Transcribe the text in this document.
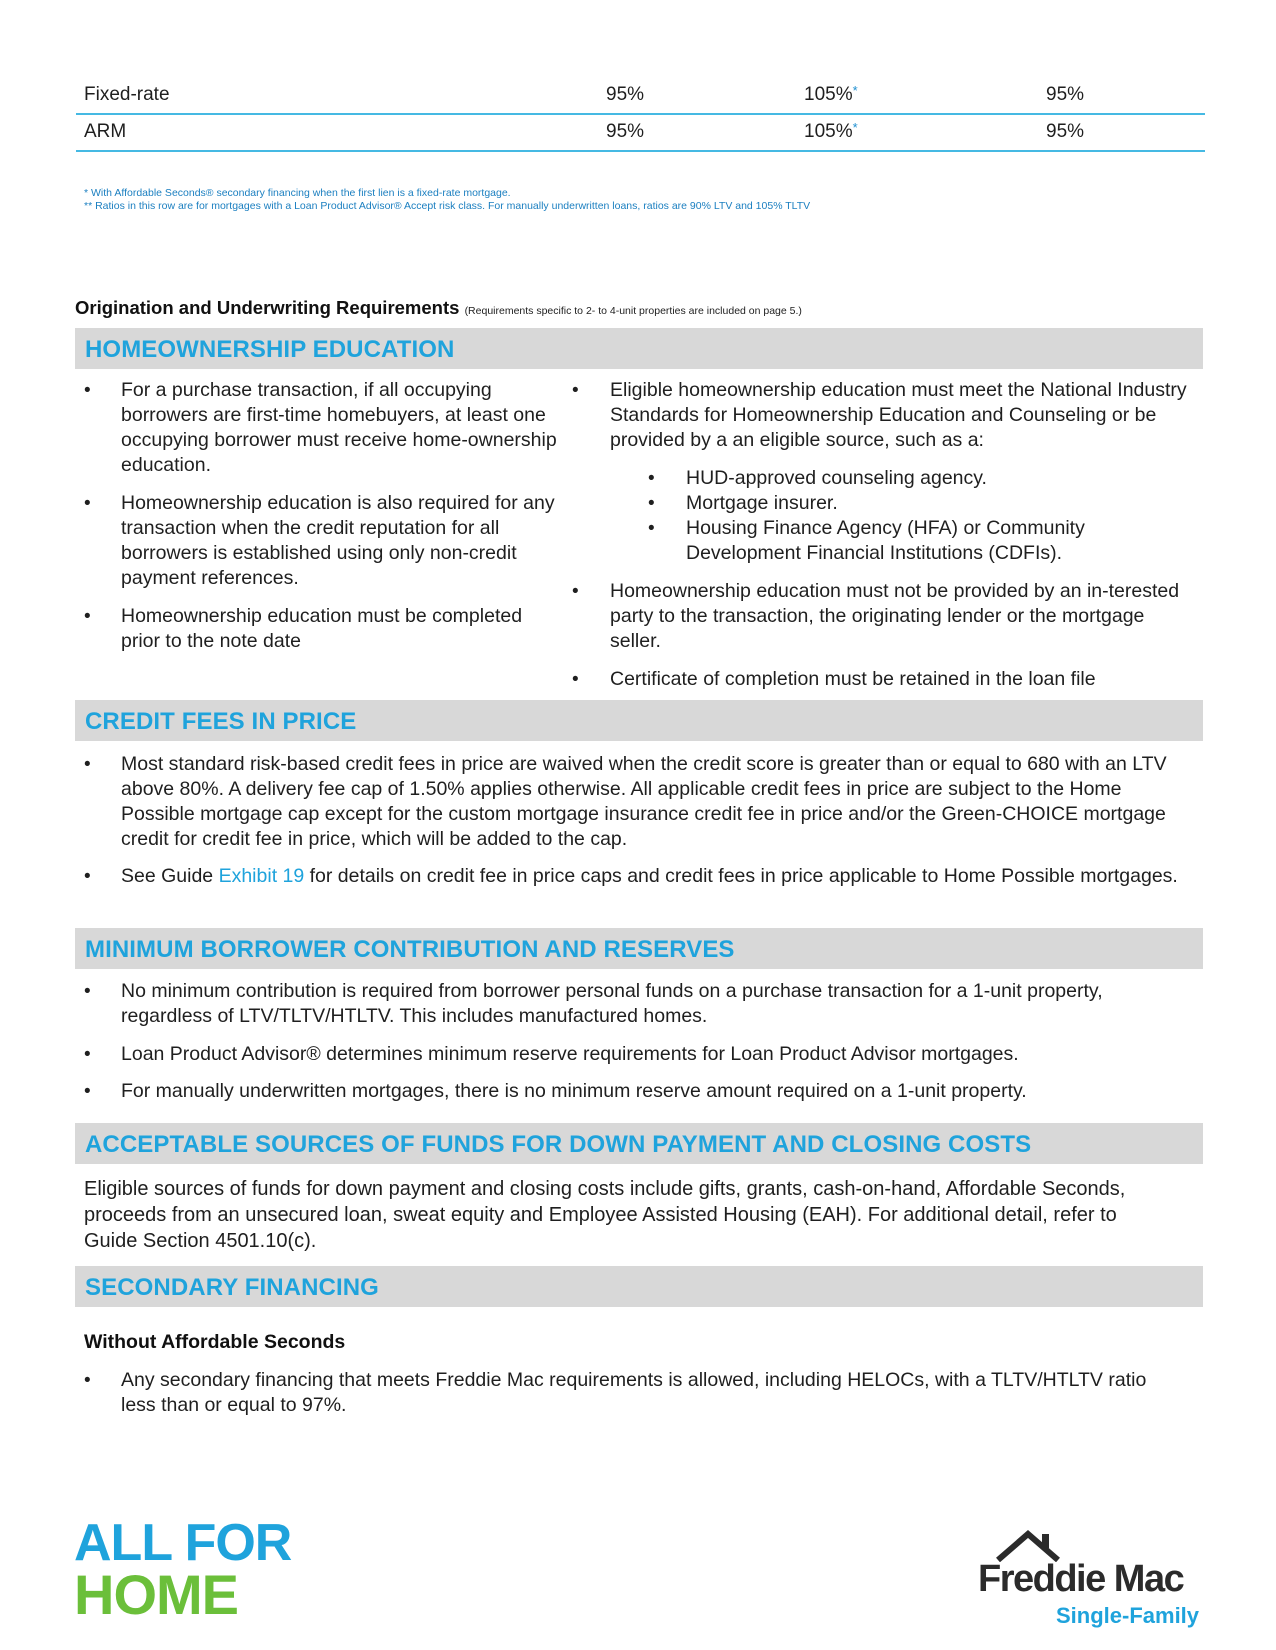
Fixed-rate	95%	105%*	95%
ARM	95%	105%*	95%
* With Affordable Seconds® secondary financing when the first lien is a fixed-rate mortgage.
** Ratios in this row are for mortgages with a Loan Product Advisor® Accept risk class. For manually underwritten loans, ratios are 90% LTV and 105% TLTV
Origination and Underwriting Requirements (Requirements specific to 2- to 4-unit properties are included on page 5.)
HOMEOWNERSHIP EDUCATION
• For a purchase transaction, if all occupying borrowers are first-time homebuyers, at least one occupying borrower must receive home-ownership education.
• Homeownership education is also required for any transaction when the credit reputation for all borrowers is established using only non-credit payment references.
• Homeownership education must be completed prior to the note date
• Eligible homeownership education must meet the National Industry Standards for Homeownership Education and Counseling or be provided by a an eligible source, such as a:
• HUD-approved counseling agency.
• Mortgage insurer.
• Housing Finance Agency (HFA) or Community Development Financial Institutions (CDFIs).
• Homeownership education must not be provided by an in-terested party to the transaction, the originating lender or the mortgage seller.
• Certificate of completion must be retained in the loan file
CREDIT FEES IN PRICE
• Most standard risk-based credit fees in price are waived when the credit score is greater than or equal to 680 with an LTV above 80%. A delivery fee cap of 1.50% applies otherwise. All applicable credit fees in price are subject to the Home Possible mortgage cap except for the custom mortgage insurance credit fee in price and/or the Green-CHOICE mortgage credit for credit fee in price, which will be added to the cap.
• See Guide Exhibit 19 for details on credit fee in price caps and credit fees in price applicable to Home Possible mortgages.
MINIMUM BORROWER CONTRIBUTION AND RESERVES
• No minimum contribution is required from borrower personal funds on a purchase transaction for a 1-unit property, regardless of LTV/TLTV/HTLTV. This includes manufactured homes.
• Loan Product Advisor® determines minimum reserve requirements for Loan Product Advisor mortgages.
• For manually underwritten mortgages, there is no minimum reserve amount required on a 1-unit property.
ACCEPTABLE SOURCES OF FUNDS FOR DOWN PAYMENT AND CLOSING COSTS
Eligible sources of funds for down payment and closing costs include gifts, grants, cash-on-hand, Affordable Seconds, proceeds from an unsecured loan, sweat equity and Employee Assisted Housing (EAH). For additional detail, refer to Guide Section 4501.10(c).
SECONDARY FINANCING
Without Affordable Seconds
• Any secondary financing that meets Freddie Mac requirements is allowed, including HELOCs, with a TLTV/HTLTV ratio less than or equal to 97%.
ALL FOR
HOME	Freddie Mac
Single-Family
